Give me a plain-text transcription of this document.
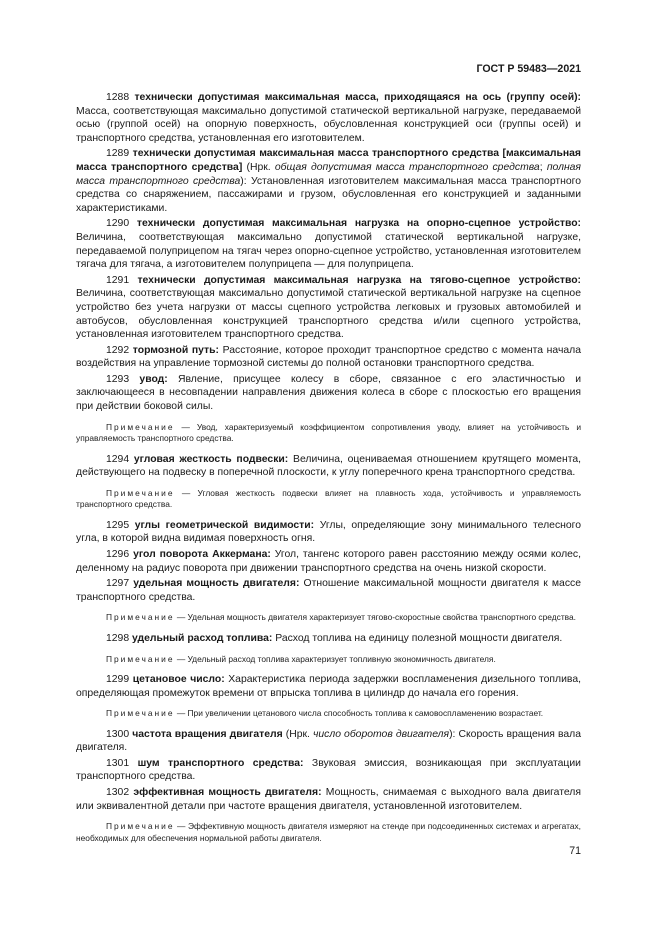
ГОСТ Р 59483—2021

1288 технически допустимая максимальная масса, приходящаяся на ось (группу осей): Масса, соответствующая максимально допустимой статической вертикальной нагрузке, передаваемой осью (группой осей) на опорную поверхность, обусловленная конструкцией оси (группы осей) и транспортного средства, установленная его изготовителем.

1289 технически допустимая максимальная масса транспортного средства [максимальная масса транспортного средства] (Нрк. общая допустимая масса транспортного средства; полная масса транспортного средства): Установленная изготовителем максимальная масса транспортного средства со снаряжением, пассажирами и грузом, обусловленная его конструкцией и заданными характеристиками.

1290 технически допустимая максимальная нагрузка на опорно-сцепное устройство: Величина, соответствующая максимально допустимой статической вертикальной нагрузке, передаваемой полуприцепом на тягач через опорно-сцепное устройство, установленная изготовителем тягача для тягача, а изготовителем полуприцепа — для полуприцепа.

1291 технически допустимая максимальная нагрузка на тягово-сцепное устройство: Величина, соответствующая максимально допустимой статической вертикальной нагрузке на сцепное устройство без учета нагрузки от массы сцепного устройства легковых и грузовых автомобилей и автобусов, обусловленная конструкцией транспортного средства и/или сцепного устройства, установленная изготовителем транспортного средства.

1292 тормозной путь: Расстояние, которое проходит транспортное средство с момента начала воздействия на управление тормозной системы до полной остановки транспортного средства.

1293 увод: Явление, присущее колесу в сборе, связанное с его эластичностью и заключающееся в несовпадении направления движения колеса в сборе с плоскостью его вращения при действии боковой силы.

Примечание — Увод, характеризуемый коэффициентом сопротивления уводу, влияет на устойчивость и управляемость транспортного средства.

1294 угловая жесткость подвески: Величина, оцениваемая отношением крутящего момента, действующего на подвеску в поперечной плоскости, к углу поперечного крена транспортного средства.

Примечание — Угловая жесткость подвески влияет на плавность хода, устойчивость и управляемость транспортного средства.

1295 углы геометрической видимости: Углы, определяющие зону минимального телесного угла, в которой видна видимая поверхность огня.

1296 угол поворота Аккермана: Угол, тангенс которого равен расстоянию между осями колес, деленному на радиус поворота при движении транспортного средства на очень низкой скорости.

1297 удельная мощность двигателя: Отношение максимальной мощности двигателя к массе транспортного средства.

Примечание — Удельная мощность двигателя характеризует тягово-скоростные свойства транспортного средства.

1298 удельный расход топлива: Расход топлива на единицу полезной мощности двигателя.

Примечание — Удельный расход топлива характеризует топливную экономичность двигателя.

1299 цетановое число: Характеристика периода задержки воспламенения дизельного топлива, определяющая промежуток времени от впрыска топлива в цилиндр до начала его горения.

Примечание — При увеличении цетанового числа способность топлива к самовоспламенению возрастает.

1300 частота вращения двигателя (Нрк. число оборотов двигателя): Скорость вращения вала двигателя.

1301 шум транспортного средства: Звуковая эмиссия, возникающая при эксплуатации транспортного средства.

1302 эффективная мощность двигателя: Мощность, снимаемая с выходного вала двигателя или эквивалентной детали при частоте вращения двигателя, установленной изготовителем.

Примечание — Эффективную мощность двигателя измеряют на стенде при подсоединенных системах и агрегатах, необходимых для обеспечения нормальной работы двигателя.

71
